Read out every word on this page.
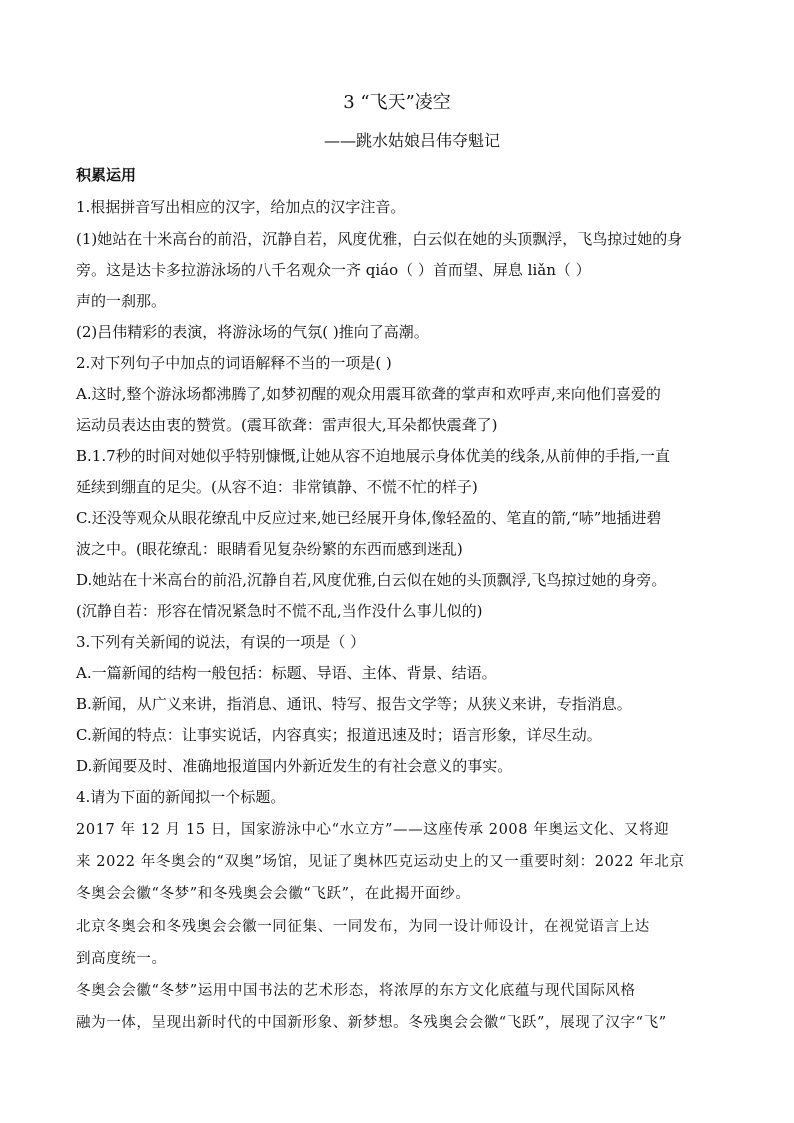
3 “飞天”凌空
——跳水姑娘吕伟夺魁记
积累运用
1.根据拼音写出相应的汉字，给加点的汉字注音。
(1)她站在十米高台的前沿，沉静自若，风度优雅，白云似在她的头顶飘浮，飞鸟掠过她的身
旁。这是达卡多拉游泳场的八千名观众一齐 qiáo（ ）首而望、屏息 liǎn（ ）
声的一刹那。
(2)吕伟精彩的表演，将游泳场的气氛( )推向了高潮。
2.对下列句子中加点的词语解释不当的一项是( )
A.这时,整个游泳场都沸腾了,如梦初醒的观众用震耳欲聋的掌声和欢呼声,来向他们喜爱的
运动员表达由衷的赞赏。(震耳欲聋：雷声很大,耳朵都快震聋了)
B.1.7秒的时间对她似乎特别慷慨,让她从容不迫地展示身体优美的线条,从前伸的手指,一直
延续到绷直的足尖。(从容不迫：非常镇静、不慌不忙的样子)
C.还没等观众从眼花缭乱中反应过来,她已经展开身体,像轻盈的、笔直的箭,“哧”地插进碧
波之中。(眼花缭乱：眼睛看见复杂纷繁的东西而感到迷乱)
D.她站在十米高台的前沿,沉静自若,风度优雅,白云似在她的头顶飘浮,飞鸟掠过她的身旁。
(沉静自若：形容在情况紧急时不慌不乱,当作没什么事儿似的)
3.下列有关新闻的说法，有误的一项是（ ）
A.一篇新闻的结构一般包括：标题、导语、主体、背景、结语。
B.新闻，从广义来讲，指消息、通讯、特写、报告文学等；从狭义来讲，专指消息。
C.新闻的特点：让事实说话，内容真实；报道迅速及时；语言形象，详尽生动。
D.新闻要及时、准确地报道国内外新近发生的有社会意义的事实。
4.请为下面的新闻拟一个标题。
2017 年 12 月 15 日，国家游泳中心“水立方”——这座传承 2008 年奥运文化、又将迎
来 2022 年冬奥会的“双奥”场馆，见证了奥林匹克运动史上的又一重要时刻：2022 年北京
冬奥会会徽“冬梦”和冬残奥会会徽“飞跃”，在此揭开面纱。
北京冬奥会和冬残奥会会徽一同征集、一同发布，为同一设计师设计，在视觉语言上达
到高度统一。
冬奥会会徽“冬梦”运用中国书法的艺术形态，将浓厚的东方文化底蕴与现代国际风格
融为一体，呈现出新时代的中国新形象、新梦想。冬残奥会会徽“飞跃”，展现了汉字“飞”
